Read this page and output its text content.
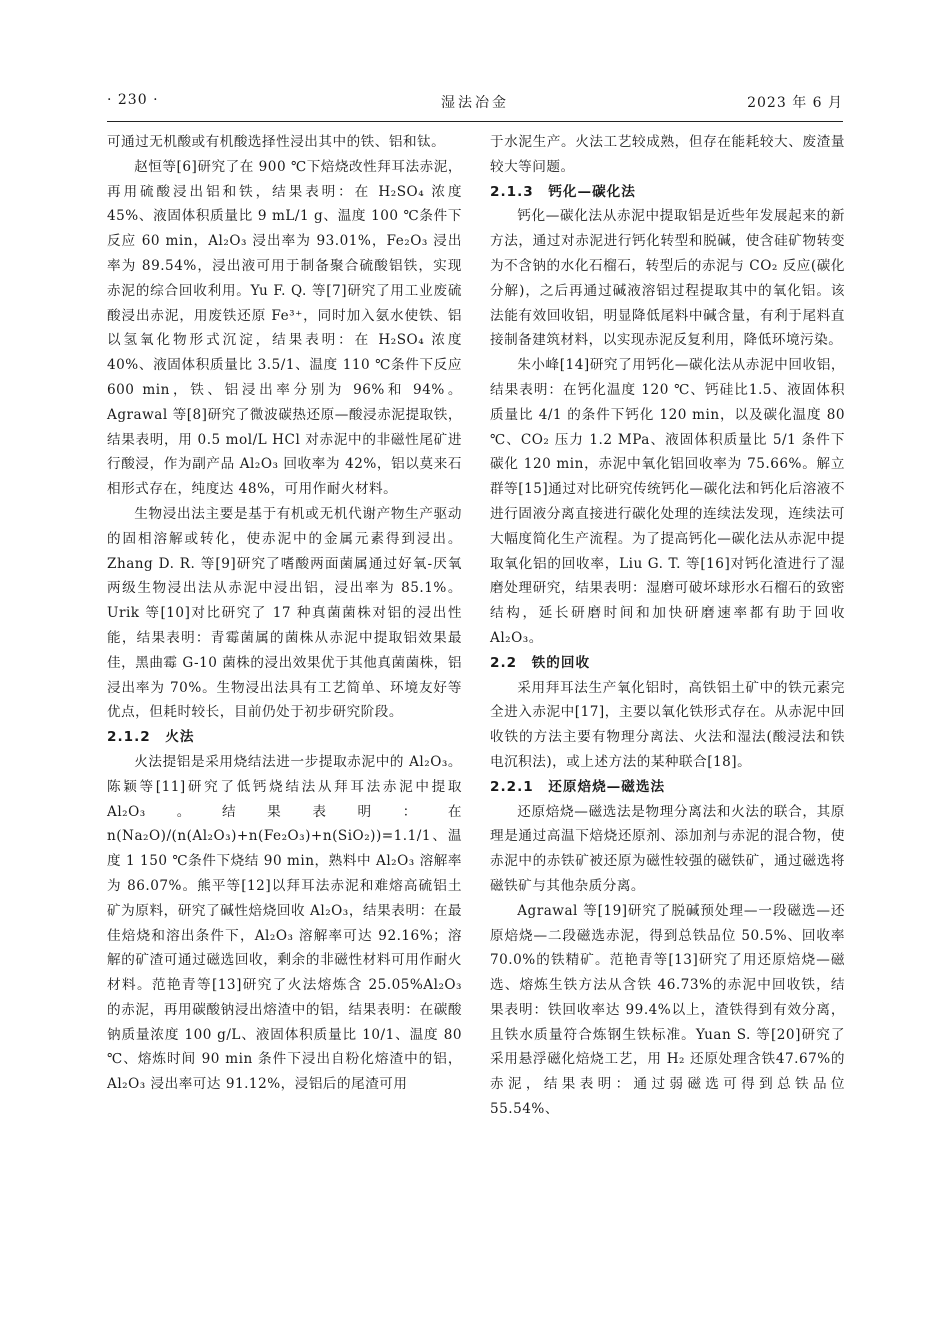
· 230 ·	湿法冶金	2023 年 6 月

可通过无机酸或有机酸选择性浸出其中的铁、铝和钛。

赵恒等[6]研究了在 900 ℃下焙烧改性拜耳法赤泥，再用硫酸浸出铝和铁，结果表明：在 H₂SO₄ 浓度 45%、液固体积质量比 9 mL/1 g、温度 100 ℃条件下反应 60 min，Al₂O₃ 浸出率为 93.01%，Fe₂O₃ 浸出率为 89.54%，浸出液可用于制备聚合硫酸铝铁，实现赤泥的综合回收利用。Yu F. Q. 等[7]研究了用工业废硫酸浸出赤泥，用废铁还原 Fe³⁺，同时加入氨水使铁、铝以氢氧化物形式沉淀，结果表明：在 H₂SO₄ 浓度 40%、液固体积质量比 3.5/1、温度 110 ℃条件下反应 600 min，铁、铝浸出率分别为 96%和 94%。Agrawal 等[8]研究了微波碳热还原—酸浸赤泥提取铁，结果表明，用 0.5 mol/L HCl 对赤泥中的非磁性尾矿进行酸浸，作为副产品 Al₂O₃ 回收率为 42%，铝以莫来石相形式存在，纯度达 48%，可用作耐火材料。

生物浸出法主要是基于有机或无机代谢产物生产驱动的固相溶解或转化，使赤泥中的金属元素得到浸出。Zhang D. R. 等[9]研究了嗜酸两面菌属通过好氧-厌氧两级生物浸出法从赤泥中浸出铝，浸出率为 85.1%。Urik 等[10]对比研究了 17 种真菌菌株对铝的浸出性能，结果表明：青霉菌属的菌株从赤泥中提取铝效果最佳，黑曲霉 G-10 菌株的浸出效果优于其他真菌菌株，铝浸出率为 70%。生物浸出法具有工艺简单、环境友好等优点，但耗时较长，目前仍处于初步研究阶段。

2.1.2　火法

火法提铝是采用烧结法进一步提取赤泥中的 Al₂O₃。陈颖等[11]研究了低钙烧结法从拜耳法赤泥中提取 Al₂O₃。结果表明：在 n(Na₂O)/(n(Al₂O₃)+n(Fe₂O₃)+n(SiO₂))=1.1/1、温度 1 150 ℃条件下烧结 90 min，熟料中 Al₂O₃ 溶解率为 86.07%。熊平等[12]以拜耳法赤泥和难熔高硫铝土矿为原料，研究了碱性焙烧回收 Al₂O₃，结果表明：在最佳焙烧和溶出条件下，Al₂O₃ 溶解率可达 92.16%；溶解的矿渣可通过磁选回收，剩余的非磁性材料可用作耐火材料。范艳青等[13]研究了火法熔炼含 25.05%Al₂O₃ 的赤泥，再用碳酸钠浸出熔渣中的铝，结果表明：在碳酸钠质量浓度 100 g/L、液固体积质量比 10/1、温度 80 ℃、熔炼时间 90 min 条件下浸出自粉化熔渣中的铝，Al₂O₃ 浸出率可达 91.12%，浸铝后的尾渣可用

于水泥生产。火法工艺较成熟，但存在能耗较大、废渣量较大等问题。

2.1.3　钙化—碳化法

钙化—碳化法从赤泥中提取铝是近些年发展起来的新方法，通过对赤泥进行钙化转型和脱碱，使含硅矿物转变为不含钠的水化石榴石，转型后的赤泥与 CO₂ 反应(碳化分解)，之后再通过碱液溶铝过程提取其中的氧化铝。该法能有效回收铝，明显降低尾料中碱含量，有利于尾料直接制备建筑材料，以实现赤泥反复利用，降低环境污染。

朱小峰[14]研究了用钙化—碳化法从赤泥中回收铝，结果表明：在钙化温度 120 ℃、钙硅比1.5、液固体积质量比 4/1 的条件下钙化 120 min，以及碳化温度 80 ℃、CO₂ 压力 1.2 MPa、液固体积质量比 5/1 条件下碳化 120 min，赤泥中氧化铝回收率为 75.66%。解立群等[15]通过对比研究传统钙化—碳化法和钙化后溶液不进行固液分离直接进行碳化处理的连续法发现，连续法可大幅度简化生产流程。为了提高钙化—碳化法从赤泥中提取氧化铝的回收率，Liu G. T. 等[16]对钙化渣进行了湿磨处理研究，结果表明：湿磨可破坏球形水石榴石的致密结构，延长研磨时间和加快研磨速率都有助于回收 Al₂O₃。

2.2　铁的回收

采用拜耳法生产氧化铝时，高铁铝土矿中的铁元素完全进入赤泥中[17]，主要以氧化铁形式存在。从赤泥中回收铁的方法主要有物理分离法、火法和湿法(酸浸法和铁电沉积法)，或上述方法的某种联合[18]。

2.2.1　还原焙烧—磁选法

还原焙烧—磁选法是物理分离法和火法的联合，其原理是通过高温下焙烧还原剂、添加剂与赤泥的混合物，使赤泥中的赤铁矿被还原为磁性较强的磁铁矿，通过磁选将磁铁矿与其他杂质分离。

Agrawal 等[19]研究了脱碱预处理—一段磁选—还原焙烧—二段磁选赤泥，得到总铁品位 50.5%、回收率 70.0%的铁精矿。范艳青等[13]研究了用还原焙烧—磁选、熔炼生铁方法从含铁 46.73%的赤泥中回收铁，结果表明：铁回收率达 99.4%以上，渣铁得到有效分离，且铁水质量符合炼钢生铁标准。Yuan S. 等[20]研究了采用悬浮磁化焙烧工艺，用 H₂ 还原处理含铁47.67%的赤泥，结果表明：通过弱磁选可得到总铁品位 55.54%、
